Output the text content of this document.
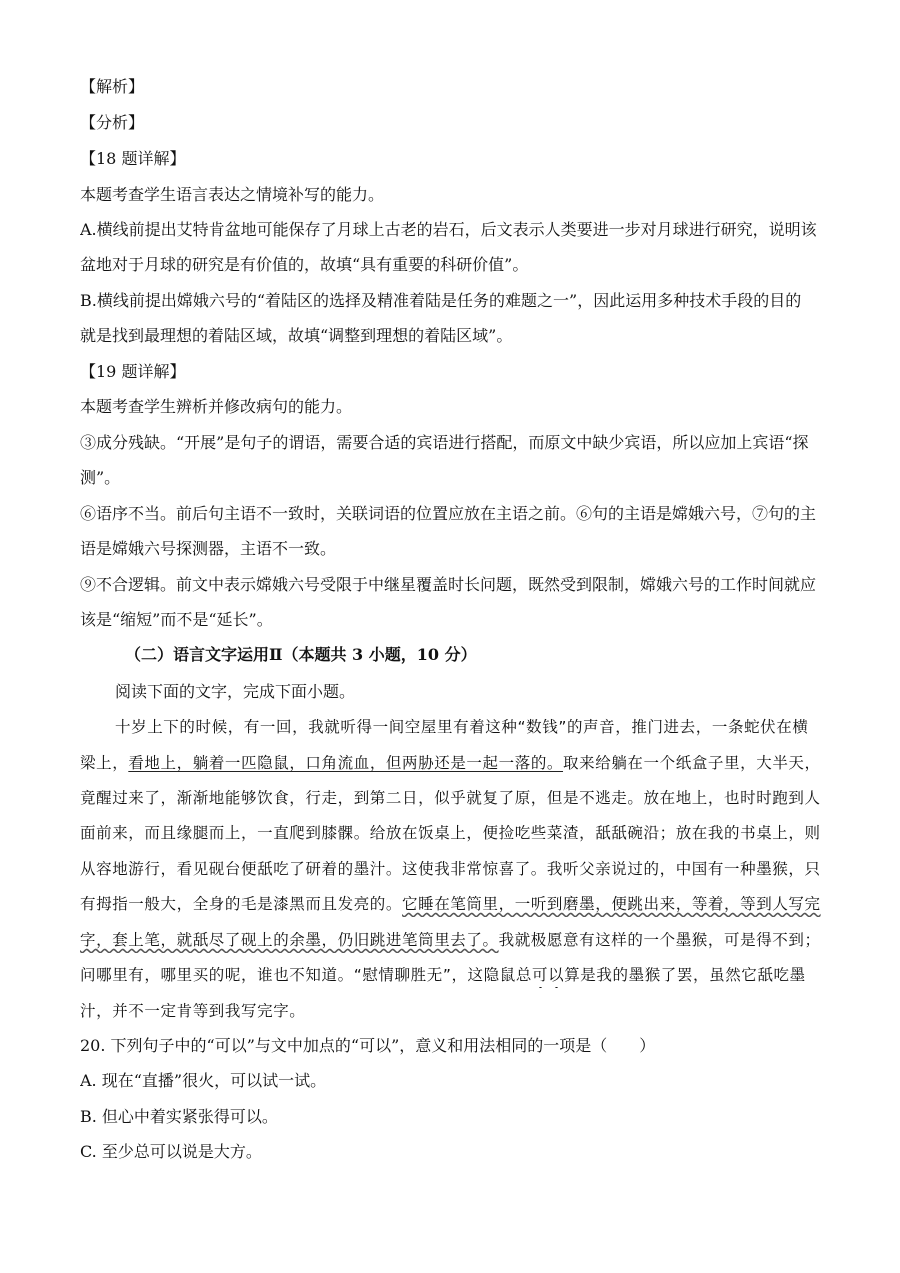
【解析】
【分析】
【18 题详解】
本题考查学生语言表达之情境补写的能力。
A.横线前提出艾特肯盆地可能保存了月球上古老的岩石，后文表示人类要进一步对月球进行研究，说明该
盆地对于月球的研究是有价值的，故填“具有重要的科研价值”。
B.横线前提出嫦娥六号的“着陆区的选择及精准着陆是任务的难题之一”，因此运用多种技术手段的目的
就是找到最理想的着陆区域，故填“调整到理想的着陆区域”。
【19 题详解】
本题考查学生辨析并修改病句的能力。
③成分残缺。“开展”是句子的谓语，需要合适的宾语进行搭配，而原文中缺少宾语，所以应加上宾语“探
测”。
⑥语序不当。前后句主语不一致时，关联词语的位置应放在主语之前。⑥句的主语是嫦娥六号，⑦句的主
语是嫦娥六号探测器，主语不一致。
⑨不合逻辑。前文中表示嫦娥六号受限于中继星覆盖时长问题，既然受到限制，嫦娥六号的工作时间就应
该是“缩短”而不是“延长”。
（二）语言文字运用Ⅱ（本题共 3 小题，10 分）
阅读下面的文字，完成下面小题。
十岁上下的时候，有一回，我就听得一间空屋里有着这种“数钱”的声音，推门进去，一条蛇伏在横
梁上，看地上，躺着一匹隐鼠，口角流血，但两胁还是一起一落的。取来给躺在一个纸盒子里，大半天，
竟醒过来了，渐渐地能够饮食，行走，到第二日，似乎就复了原，但是不逃走。放在地上，也时时跑到人
面前来，而且缘腿而上，一直爬到膝髁。给放在饭桌上，便捡吃些菜渣，舐舐碗沿；放在我的书桌上，则
从容地游行，看见砚台便舐吃了研着的墨汁。这使我非常惊喜了。我听父亲说过的，中国有一种墨猴，只
有拇指一般大，全身的毛是漆黑而且发亮的。它睡在笔筒里，一听到磨墨，便跳出来，等着，等到人写完
字，套上笔，就舐尽了砚上的余墨，仍旧跳进笔筒里去了。我就极愿意有这样的一个墨猴，可是得不到；
问哪里有，哪里买的呢，谁也不知道。“慰情聊胜无”，这隐鼠总可以算是我的墨猴了罢，虽然它舐吃墨
汁，并不一定肯等到我写完字。
20. 下列句子中的“可以”与文中加点的“可以”，意义和用法相同的一项是（ ）
A. 现在“直播”很火，可以试一试。
B. 但心中着实紧张得可以。
C. 至少总可以说是大方。
